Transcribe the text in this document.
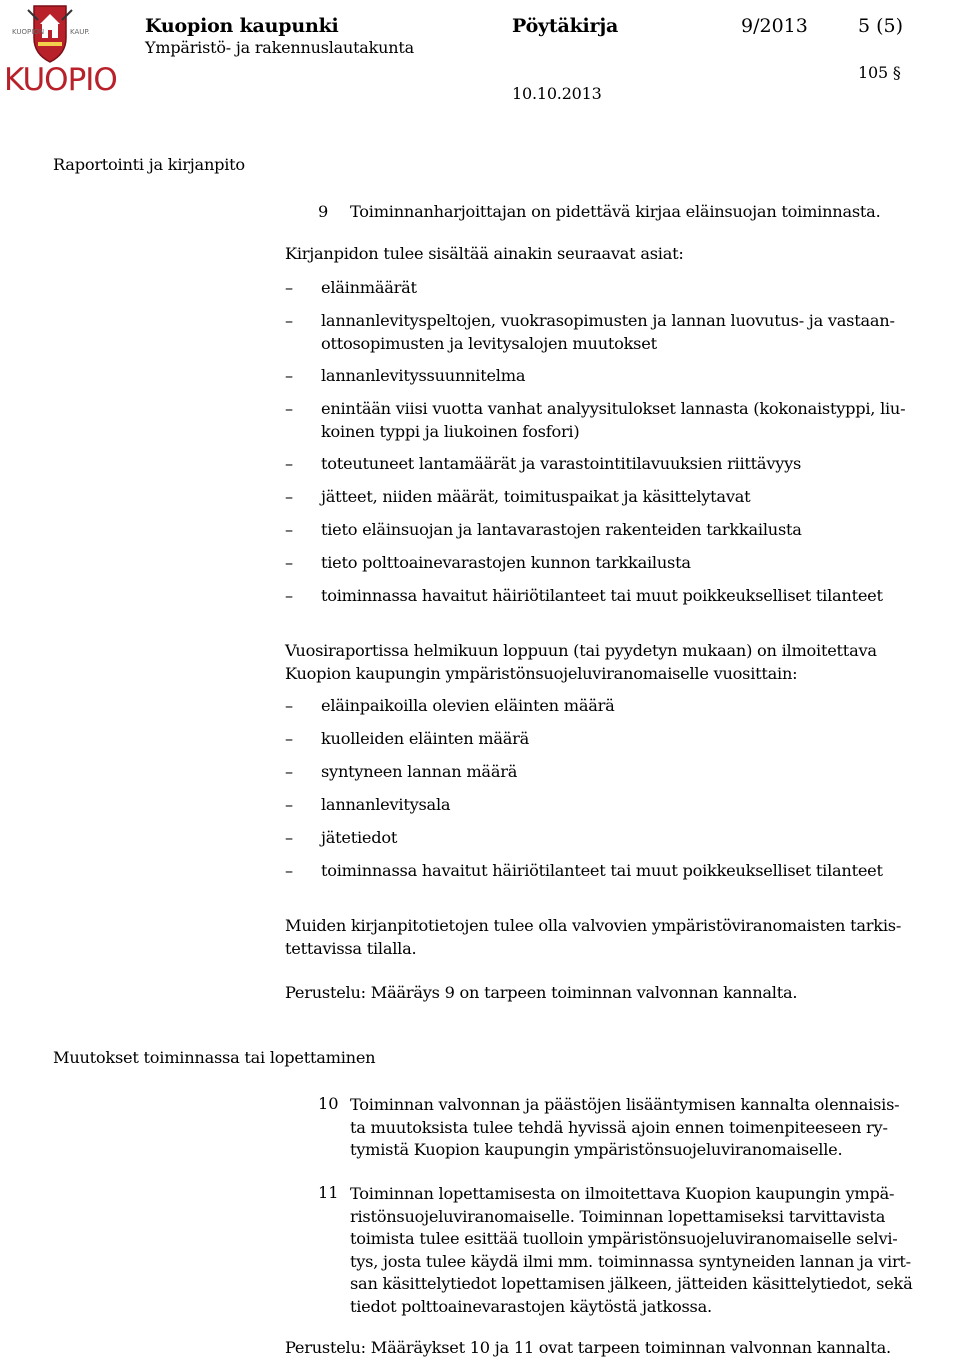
KUOPION	KAUP.
KUOPIO
Kuopion kaupunki
Ympäristö- ja rakennuslautakunta
Pöytäkirja	9/2013	5 (5)
105 §
10.10.2013
Raportointi ja kirjanpito
9 Toiminnanharjoittajan on pidettävä kirjaa eläinsuojan toiminnasta.
Kirjanpidon tulee sisältää ainakin seuraavat asiat:
–	eläinmäärät
–	lannanlevityspeltojen, vuokrasopimusten ja lannan luovutus- ja vastaan-
ottosopimusten ja levitysalojen muutokset
–	lannanlevityssuunnitelma
–	enintään viisi vuotta vanhat analyysitulokset lannasta (kokonaistyppi, liu-
koinen typpi ja liukoinen fosfori)
–	toteutuneet lantamäärät ja varastointitilavuuksien riittävyys
–	jätteet, niiden määrät, toimituspaikat ja käsittelytavat
–	tieto eläinsuojan ja lantavarastojen rakenteiden tarkkailusta
–	tieto polttoainevarastojen kunnon tarkkailusta
–	toiminnassa havaitut häiriötilanteet tai muut poikkeukselliset tilanteet
Vuosiraportissa helmikuun loppuun (tai pyydetyn mukaan) on ilmoitettava
Kuopion kaupungin ympäristönsuojeluviranomaiselle vuosittain:
–	eläinpaikoilla olevien eläinten määrä
–	kuolleiden eläinten määrä
–	syntyneen lannan määrä
–	lannanlevitysala
–	jätetiedot
–	toiminnassa havaitut häiriötilanteet tai muut poikkeukselliset tilanteet
Muiden kirjanpitotietojen tulee olla valvovien ympäristöviranomaisten tarkis-
tettavissa tilalla.
Perustelu: Määräys 9 on tarpeen toiminnan valvonnan kannalta.
Muutokset toiminnassa tai lopettaminen
10 Toiminnan valvonnan ja päästöjen lisääntymisen kannalta olennaisis-
ta muutoksista tulee tehdä hyvissä ajoin ennen toimenpiteeseen ry-
tymistä Kuopion kaupungin ympäristönsuojeluviranomaiselle.
11 Toiminnan lopettamisesta on ilmoitettava Kuopion kaupungin ympä-
ristönsuojeluviranomaiselle. Toiminnan lopettamiseksi tarvittavista
toimista tulee esittää tuolloin ympäristönsuojeluviranomaiselle selvi-
tys, josta tulee käydä ilmi mm. toiminnassa syntyneiden lannan ja virt-
san käsittelytiedot lopettamisen jälkeen, jätteiden käsittelytiedot, sekä
tiedot polttoainevarastojen käytöstä jatkossa.
Perustelu: Määräykset 10 ja 11 ovat tarpeen toiminnan valvonnan kannalta.
